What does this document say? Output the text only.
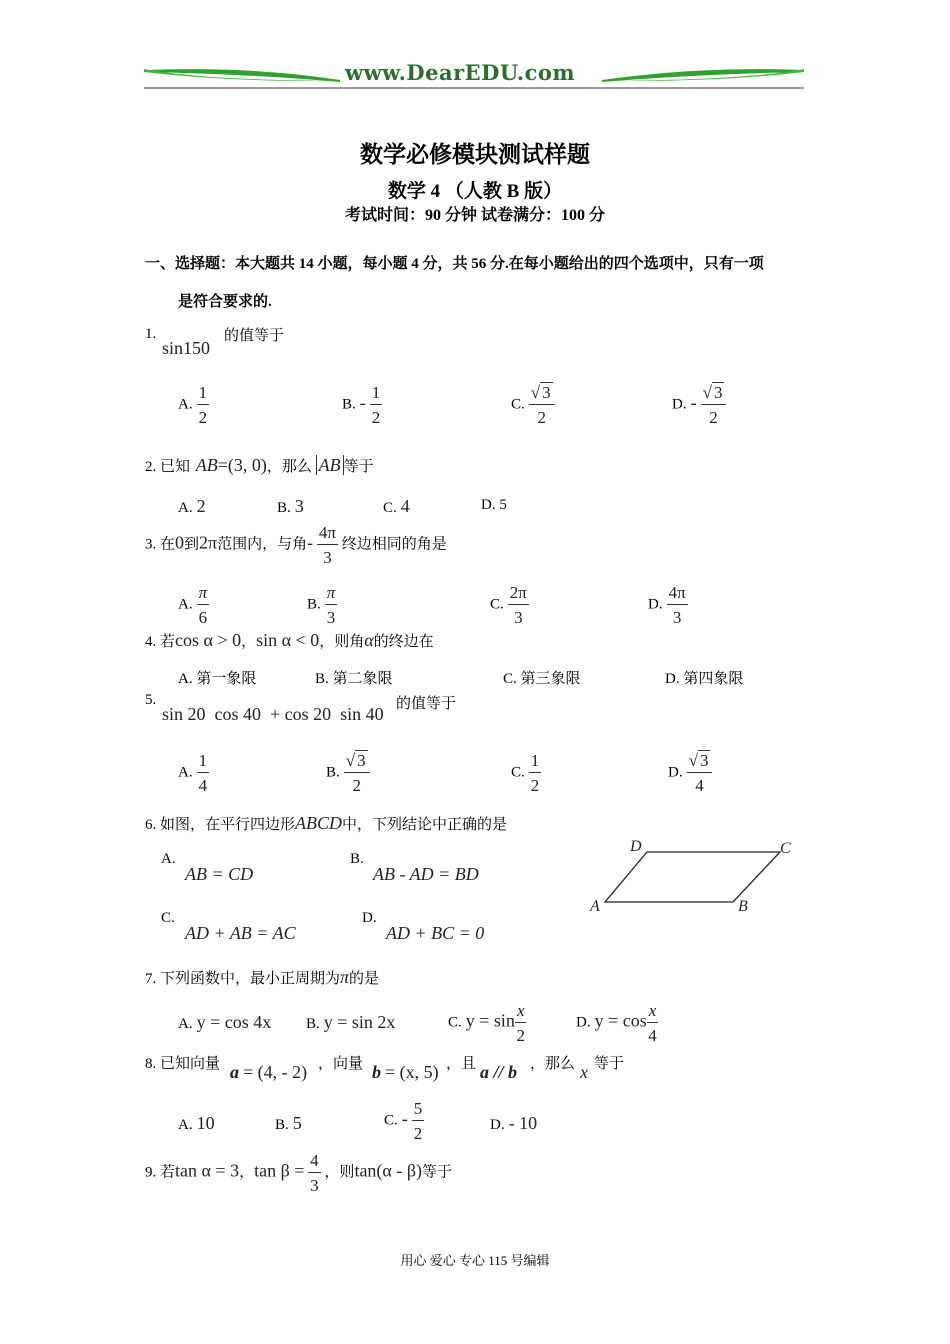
www.DearEDU.com
数学必修模块测试样题
数学 4 （人教 B 版）
考试时间：90 分钟 试卷满分：100 分
一、选择题：本大题共 14 小题，每小题 4 分，共 56 分.在每小题给出的四个选项中，只有一项
是符合要求的.
1.
sin150
的值等于
A. $\frac{1}{2}$	B. - $\frac{1}{2}$	C. $\frac{√ 3}{2}$	D. - $\frac{√ 3}{2}$
2. 已知 AB=(3, 0)，那么 AB 等于
A. 2	B. 3	C. 4	D. 5
3. 在0到2π范围内，与角- $\frac{4\pi}{3}$ 终边相同的角是
A. $\frac{\pi}{6}$	B. $\frac{\pi}{3}$	C. $\frac{2\pi}{3}$	D. $\frac{4\pi}{3}$
4. 若cos α > 0，sin α < 0，则角α的终边在
A. 第一象限	B. 第二象限	C. 第三象限	D. 第四象限
5.
sin 20  cos 40  + cos 20  sin 40 的值等于
A. $\frac{1}{4}$	B. $\frac{√ 3}{2}$	C. $\frac{1}{2}$	D. $\frac{√ 3}{4}$
6. 如图，在平行四边形ABCD中，下列结论中正确的是
A.
AB = CD
B.
AB - AD = BD
C.
AD + AB = AC
D.
AD + BC = 0
D	C
A	B
7. 下列函数中，最小正周期为π的是
A. y = cos 4x B. y = sin 2x	C. $y = \sin \frac{x}{2}$	D. $y = \cos \frac{x}{4}$
8. 已知向量 a = (4, - 2) ，向量 b = (x, 5) ，且 a // b ，那么 x 等于
A. 10	B. 5	C. - $\frac{5}{2}$	D. - 10
9. 若tan α = 3，$\tan \beta = \frac{4}{3}$ ，则tan(α - β)等于
用心 爱心 专心 115 号编辑
